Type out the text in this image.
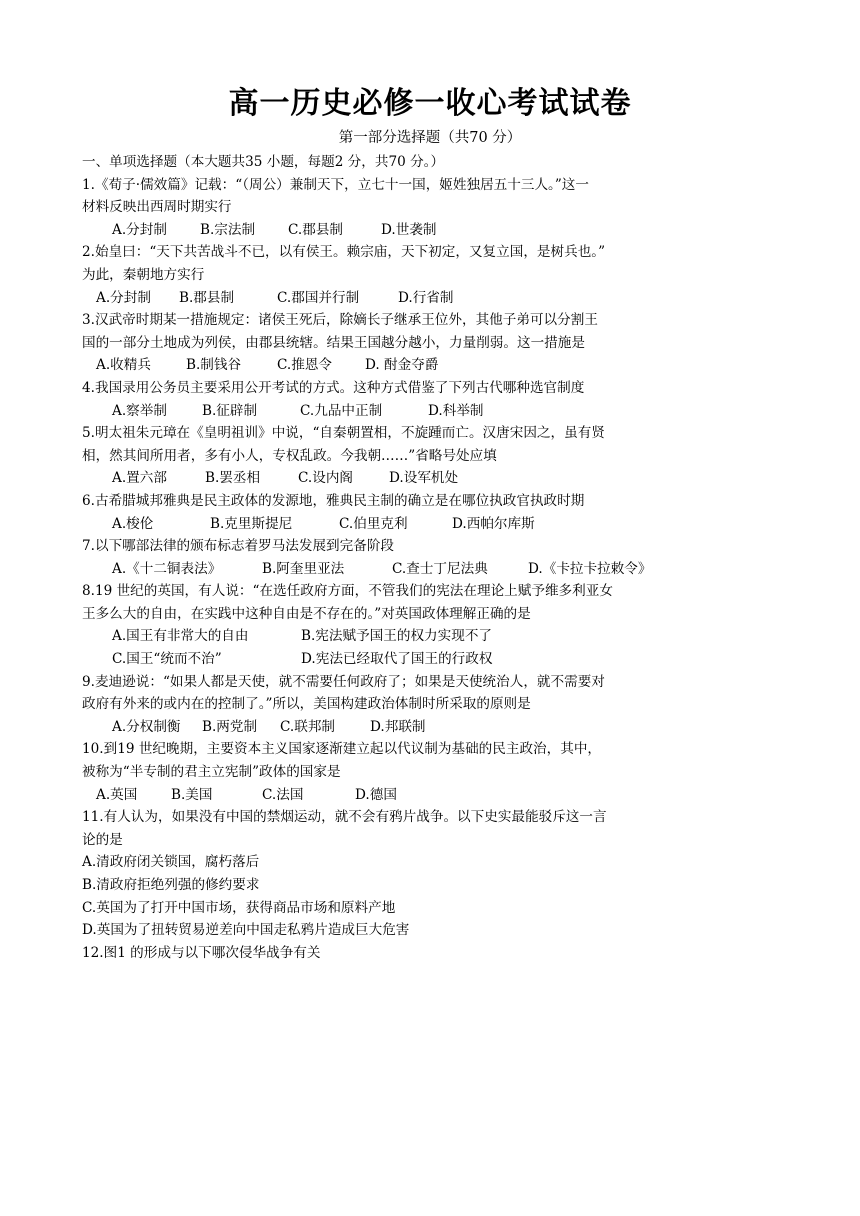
高一历史必修一收心考试试卷
第一部分选择题（共70 分）
一、单项选择题（本大题共35 小题，每题2 分，共70 分。）
1.《荀子·儒效篇》记载：“（周公）兼制天下，立七十一国，姬姓独居五十三人。”这一
材料反映出西周时期实行
A.分封制 B.宗法制 C.郡县制	D.世袭制
2.始皇曰：“天下共苦战斗不已，以有侯王。赖宗庙，天下初定，又复立国，是树兵也。”
为此，秦朝地方实行
A.分封制 B.郡县制	C.郡国并行制	D.行省制
3.汉武帝时期某一措施规定：诸侯王死后，除嫡长子继承王位外，其他子弟可以分割王
国的一部分土地成为列侯，由郡县统辖。结果王国越分越小，力量削弱。这一措施是
A.收精兵	B.制钱谷	C.推恩令 D. 酎金夺爵
4.我国录用公务员主要采用公开考试的方式。这种方式借鉴了下列古代哪种选官制度
A.察举制	B.征辟制	C.九品中正制	D.科举制
5.明太祖朱元璋在《皇明祖训》中说，“自秦朝置相，不旋踵而亡。汉唐宋因之，虽有贤
相，然其间所用者，多有小人，专权乱政。今我朝……”省略号处应填
A.置六部	B.罢丞相	C.设内阁	D.设军机处
6.古希腊城邦雅典是民主政体的发源地，雅典民主制的确立是在哪位执政官执政时期
A.梭伦	B.克里斯提尼	C.伯里克利	D.西帕尔库斯
7.以下哪部法律的颁布标志着罗马法发展到完备阶段
A.《十二铜表法》	B.阿奎里亚法	C.查士丁尼法典	D.《卡拉卡拉敕令》
8.19 世纪的英国，有人说：“在选任政府方面，不管我们的宪法在理论上赋予维多利亚女
王多么大的自由，在实践中这种自由是不存在的。”对英国政体理解正确的是
A.国王有非常大的自由	B.宪法赋予国王的权力实现不了
C.国王“统而不治”	D.宪法已经取代了国王的行政权
9.麦迪逊说：“如果人都是天使，就不需要任何政府了；如果是天使统治人，就不需要对
政府有外来的或内在的控制了。”所以，美国构建政治体制时所采取的原则是
A.分权制衡 B.两党制 C.联邦制	D.邦联制
10.到19 世纪晚期，主要资本主义国家逐渐建立起以代议制为基础的民主政治，其中，
被称为“半专制的君主立宪制”政体的国家是
A.英国 B.美国	C.法国	D.德国
11.有人认为，如果没有中国的禁烟运动，就不会有鸦片战争。以下史实最能驳斥这一言
论的是
A.清政府闭关锁国，腐朽落后
B.清政府拒绝列强的修约要求
C.英国为了打开中国市场，获得商品市场和原料产地
D.英国为了扭转贸易逆差向中国走私鸦片造成巨大危害
12.图1 的形成与以下哪次侵华战争有关
